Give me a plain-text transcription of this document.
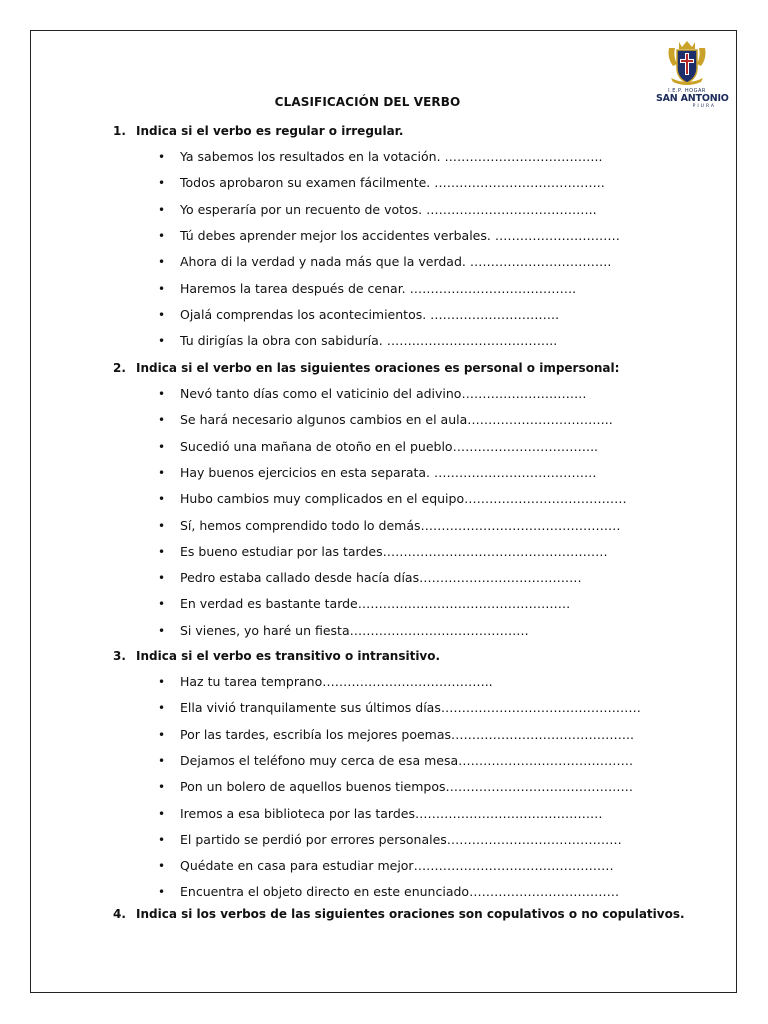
I.E.P. HOGAR
SAN ANTONIO
PIURA
CLASIFICACIÓN DEL VERBO
1. Indica si el verbo es regular o irregular.
• Ya sabemos los resultados en la votación. ………………………………..
• Todos aprobaron su examen fácilmente. …………………………………..
• Yo esperaría por un recuento de votos. …………………………………..
• Tú debes aprender mejor los accidentes verbales. …………………………
• Ahora di la verdad y nada más que la verdad. …………………………….
• Haremos la tarea después de cenar. ………………………………….
• Ojalá comprendas los acontecimientos. ………………………….
• Tu dirigías la obra con sabiduría. …………………………………..
2. Indica si el verbo en las siguientes oraciones es personal o impersonal:
• Nevó tanto días como el vaticinio del adivino…………………………
• Se hará necesario algunos cambios en el aula……………………………..
• Sucedió una mañana de otoño en el pueblo……………………………..
• Hay buenos ejercicios en esta separata. …………………………………
• Hubo cambios muy complicados en el equipo…………………………………
• Sí, hemos comprendido todo lo demás…………………………………………
• Es bueno estudiar por las tardes………………………………………………
• Pedro estaba callado desde hacía días…………………………………
• En verdad es bastante tarde……………………………………………
• Si vienes, yo haré un fiesta…………………………………….
3. Indica si el verbo es transitivo o intransitivo.
• Haz tu tarea temprano…………………………………..
• Ella vivió tranquilamente sus últimos días…………………………………………
• Por las tardes, escribía los mejores poemas……………………………………..
• Dejamos el teléfono muy cerca de esa mesa……………………………………
• Pon un bolero de aquellos buenos tiempos………………………………………
• Iremos a esa biblioteca por las tardes………………………………………
• El partido se perdió por errores personales……………………………………
• Quédate en casa para estudiar mejor…………………………………………
• Encuentra el objeto directo en este enunciado………………………………
4. Indica si los verbos de las siguientes oraciones son copulativos o no copulativos.
